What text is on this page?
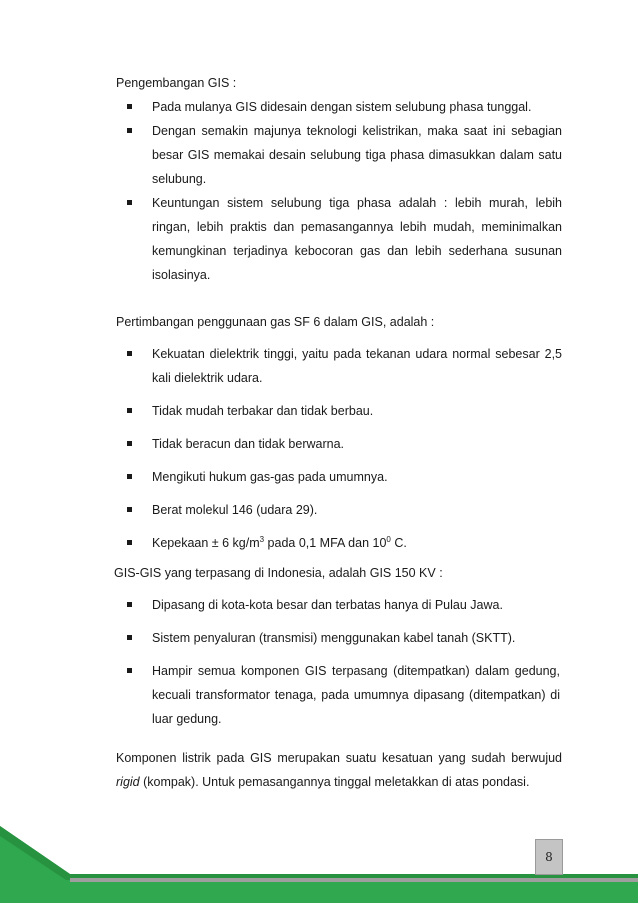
Pengembangan GIS :

Pada mulanya GIS didesain dengan sistem selubung phasa tunggal.
Dengan semakin majunya teknologi kelistrikan, maka saat ini sebagian besar GIS memakai desain selubung tiga phasa dimasukkan dalam satu selubung.
Keuntungan sistem selubung tiga phasa adalah : lebih murah, lebih ringan, lebih praktis dan pemasangannya lebih mudah, meminimalkan kemungkinan terjadinya kebocoran gas dan lebih sederhana susunan isolasinya.

Pertimbangan penggunaan gas SF 6 dalam GIS, adalah :

Kekuatan dielektrik tinggi, yaitu pada tekanan udara normal sebesar 2,5 kali dielektrik udara.
Tidak mudah terbakar dan tidak berbau.
Tidak beracun dan tidak berwarna.
Mengikuti hukum gas-gas pada umumnya.
Berat molekul 146 (udara 29).
Kepekaan ± 6 $kg/m^3$ pada 0,1 MFA dan $10^0$ C.

GIS-GIS yang terpasang di Indonesia, adalah GIS 150 KV :

Dipasang di kota-kota besar dan terbatas hanya di Pulau Jawa.
Sistem penyaluran (transmisi) menggunakan kabel tanah (SKTT).
Hampir semua komponen GIS terpasang (ditempatkan) dalam gedung, kecuali transformator tenaga, pada umumnya dipasang (ditempatkan) di luar gedung.

Komponen listrik pada GIS merupakan suatu kesatuan yang sudah berwujud rigid (kompak). Untuk pemasangannya tinggal meletakkan di atas pondasi.

8
